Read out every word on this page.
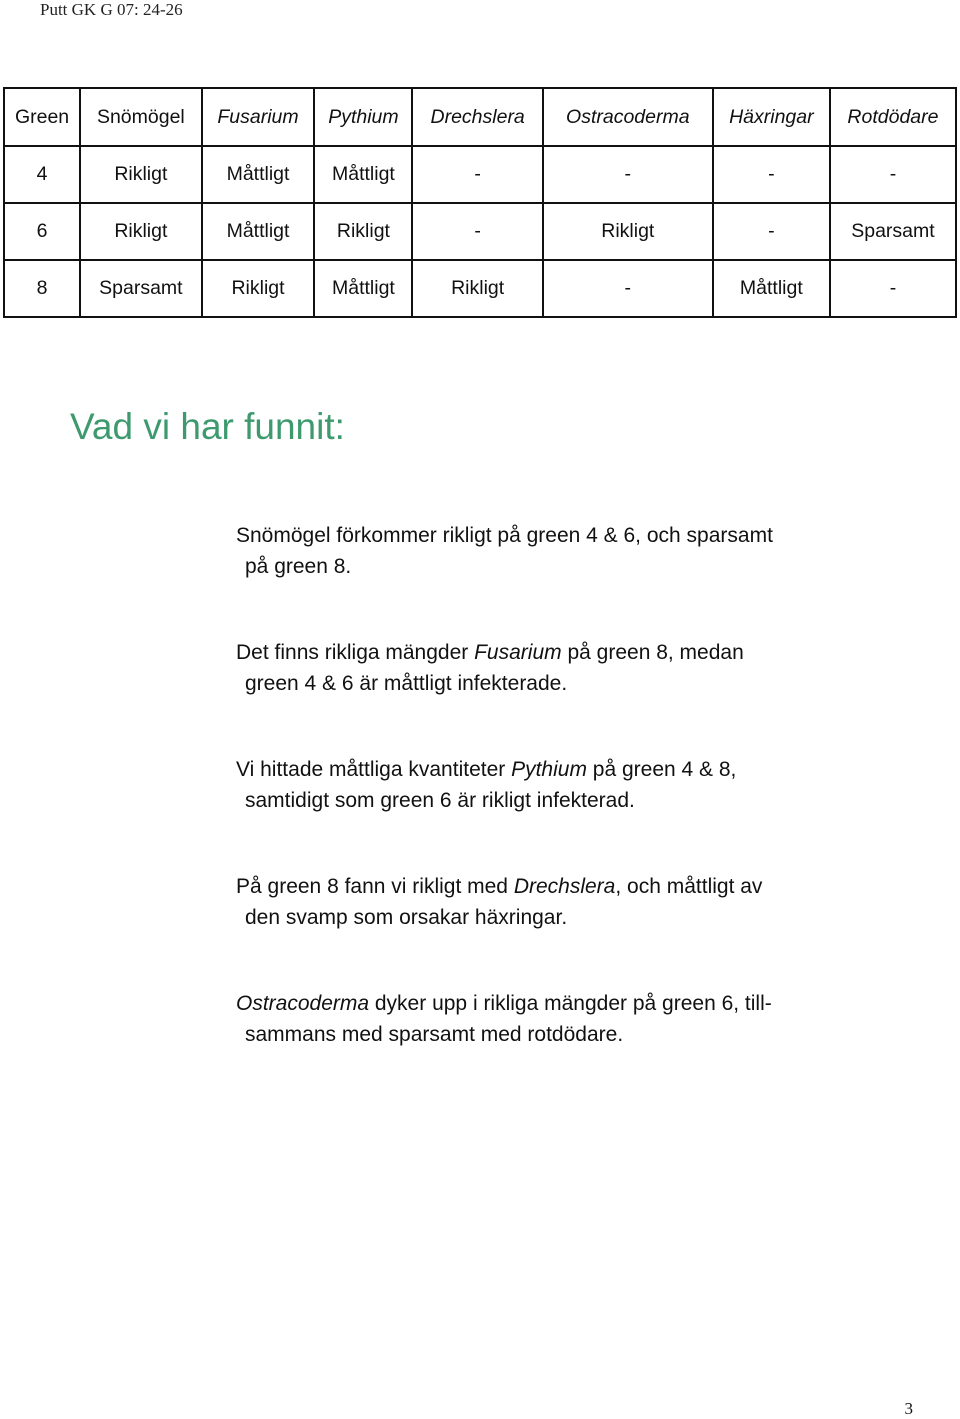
Putt GK G 07: 24-26
Green	Snömögel	Fusarium	Pythium	Drechslera	Ostracoderma	Häxringar	Rotdödare
4	Rikligt	Måttligt	Måttligt	-	-	-	-
6	Rikligt	Måttligt	Rikligt	-	Rikligt	-	Sparsamt
8	Sparsamt	Rikligt	Måttligt	Rikligt	-	Måttligt	-
Vad vi har funnit:

Snömögel förkommer rikligt på green 4 & 6, och sparsamt
på green 8.

Det finns rikliga mängder Fusarium på green 8, medan
green 4 & 6 är måttligt infekterade.

Vi hittade måttliga kvantiteter Pythium på green 4 & 8,
samtidigt som green 6 är rikligt infekterad.

På green 8 fann vi rikligt med Drechslera, och måttligt av
den svamp som orsakar häxringar.

Ostracoderma dyker upp i rikliga mängder på green 6, till-
sammans med sparsamt med rotdödare.

3
